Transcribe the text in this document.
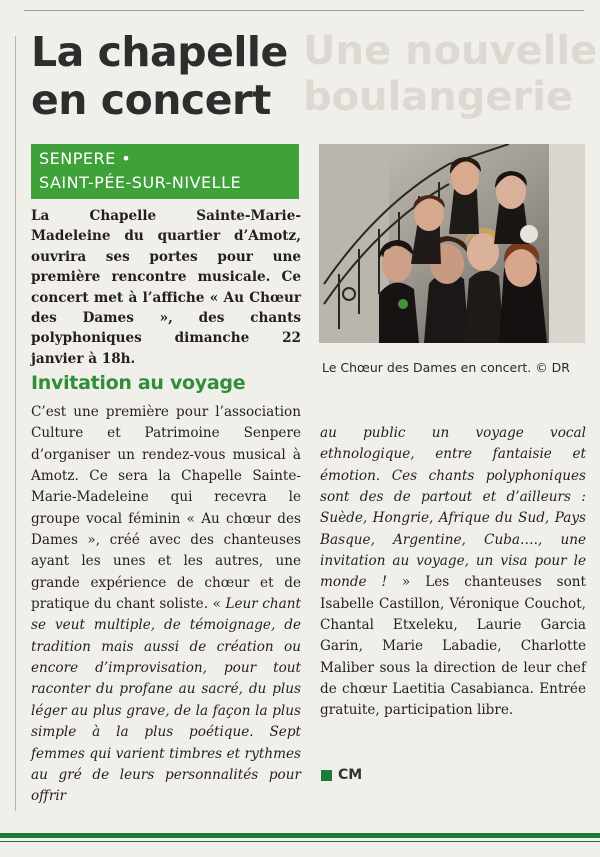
Une nouvelle
boulangerie
La chapelle
en concert
SENPERE •
SAINT-PÉE-SUR-NIVELLE

La Chapelle Sainte-Marie-Madeleine du quartier d’Amotz, ouvrira ses portes pour une première rencontre musicale. Ce concert met à l’affiche « Au Chœur des Dames », des chants polyphoniques dimanche 22 janvier à 18h.

Invitation au voyage
Le Chœur des Dames en concert. © DR

C’est une première pour l’association Culture et Patrimoine Senpere d’organiser un rendez-vous musical à Amotz. Ce sera la Chapelle Sainte-Marie-Madeleine qui recevra le groupe vocal féminin « Au chœur des Dames », créé avec des chanteuses ayant les unes et les autres, une grande expérience de chœur et de pratique du chant soliste. « Leur chant se veut multiple, de témoignage, de tradition mais aussi de création ou encore d’improvisation, pour tout raconter du profane au sacré, du plus léger au plus grave, de la façon la plus simple à la plus poétique. Sept femmes qui varient timbres et rythmes au gré de leurs personnalités pour offrir

au public un voyage vocal ethnologique, entre fantaisie et émotion. Ces chants polyphoniques sont des de partout et d’ailleurs : Suède, Hongrie, Afrique du Sud, Pays Basque, Argentine, Cuba…., une invitation au voyage, un visa pour le monde ! » Les chanteuses sont Isabelle Castillon, Véronique Couchot, Chantal Etxeleku, Laurie Garcia Garin, Marie Labadie, Charlotte Maliber sous la direction de leur chef de chœur Laetitia Casabianca. Entrée gratuite, participation libre.

CM
